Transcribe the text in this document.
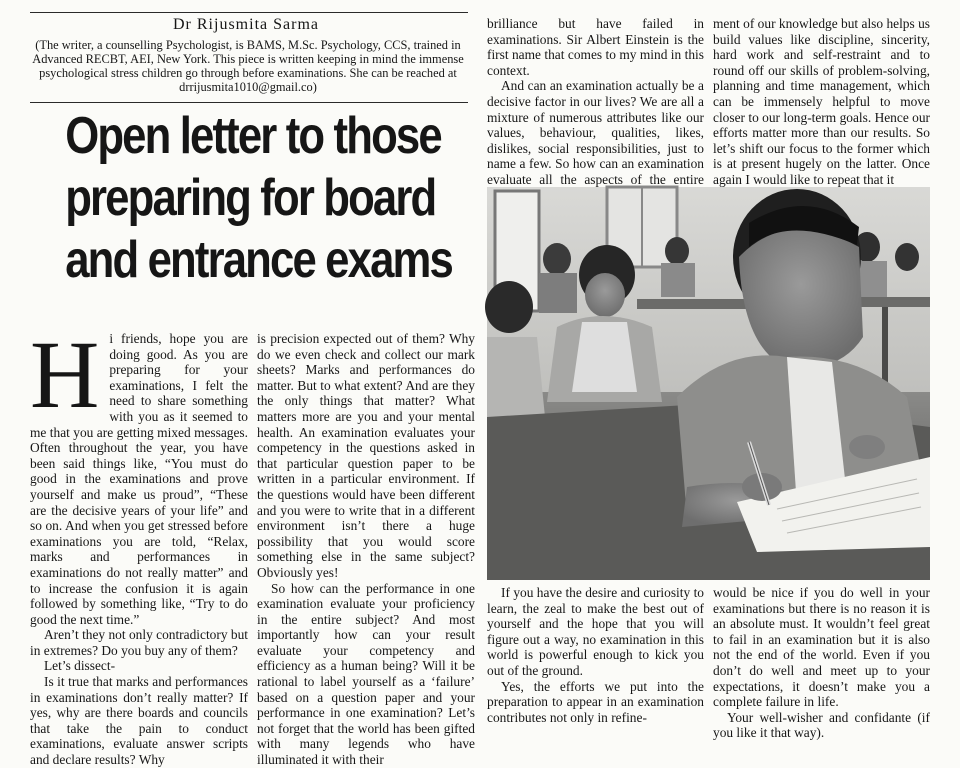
Dr Rijusmita Sarma
(The writer, a counselling Psychologist, is BAMS, M.Sc. Psychology, CCS, trained in Advanced RECBT, AEI, New York. This piece is written keeping in mind the immense psychological stress children go through before examinations. She can be reached at drrijusmita1010@gmail.co)
Open letter to those
preparing for board
and entrance exams
H i friends, hope you are doing good. As you are preparing for your examinations, I felt the need to share something with you as it seemed to me that you are getting mixed messages. Often throughout the year, you have been said things like, “You must do good in the examinations and prove yourself and make us proud”, “These are the decisive years of your life” and so on. And when you get stressed before examinations you are told, “Relax, marks and performances in examinations do not really matter” and to increase the confusion it is again followed by something like, “Try to do good the next time.”

Aren’t they not only contradictory but in extremes? Do you buy any of them?

Let’s dissect-

Is it true that marks and performances in examinations don’t really matter? If yes, why are there boards and councils that take the pain to conduct examinations, evaluate answer scripts and declare results? Why

is precision expected out of them? Why do we even check and collect our mark sheets? Marks and performances do matter. But to what extent? And are they the only things that matter? What matters more are you and your mental health. An examination evaluates your competency in the questions asked in that particular question paper to be written in a particular environment. If the questions would have been different and you were to write that in a different environment isn’t there a huge possibility that you would score something else in the same subject? Obviously yes!

So how can the performance in one examination evaluate your proficiency in the entire subject? And most importantly how can your result evaluate your competency and efficiency as a human being? Will it be rational to label yourself as a ‘failure’ based on a question paper and your performance in one examination? Let’s not forget that the world has been gifted with many legends who have illuminated it with their

brilliance but have failed in examinations. Sir Albert Einstein is the first name that comes to my mind in this context.

And can an examination actually be a decisive factor in our lives? We are all a mixture of numerous attributes like our values, behaviour, qualities, likes, dislikes, social responsibilities, just to name a few. So how can an examination evaluate all the aspects of the entire

ment of our knowledge but also helps us build values like discipline, sincerity, hard work and self-restraint and to round off our skills of problem-solving, planning and time management, which can be immensely helpful to move closer to our long-term goals. Hence our efforts matter more than our results. So let’s shift our focus to the former which is at present hugely on the latter. Once again I would like to repeat that it

If you have the desire and curiosity to learn, the zeal to make the best out of yourself and the hope that you will figure out a way, no examination in this world is powerful enough to kick you out of the ground.

Yes, the efforts we put into the preparation to appear in an examination contributes not only in refine-

would be nice if you do well in your examinations but there is no reason it is an absolute must. It wouldn’t feel great to fail in an examination but it is also not the end of the world. Even if you don’t do well and meet up to your expectations, it doesn’t make you a complete failure in life.

Your well-wisher and confidante (if you like it that way).
